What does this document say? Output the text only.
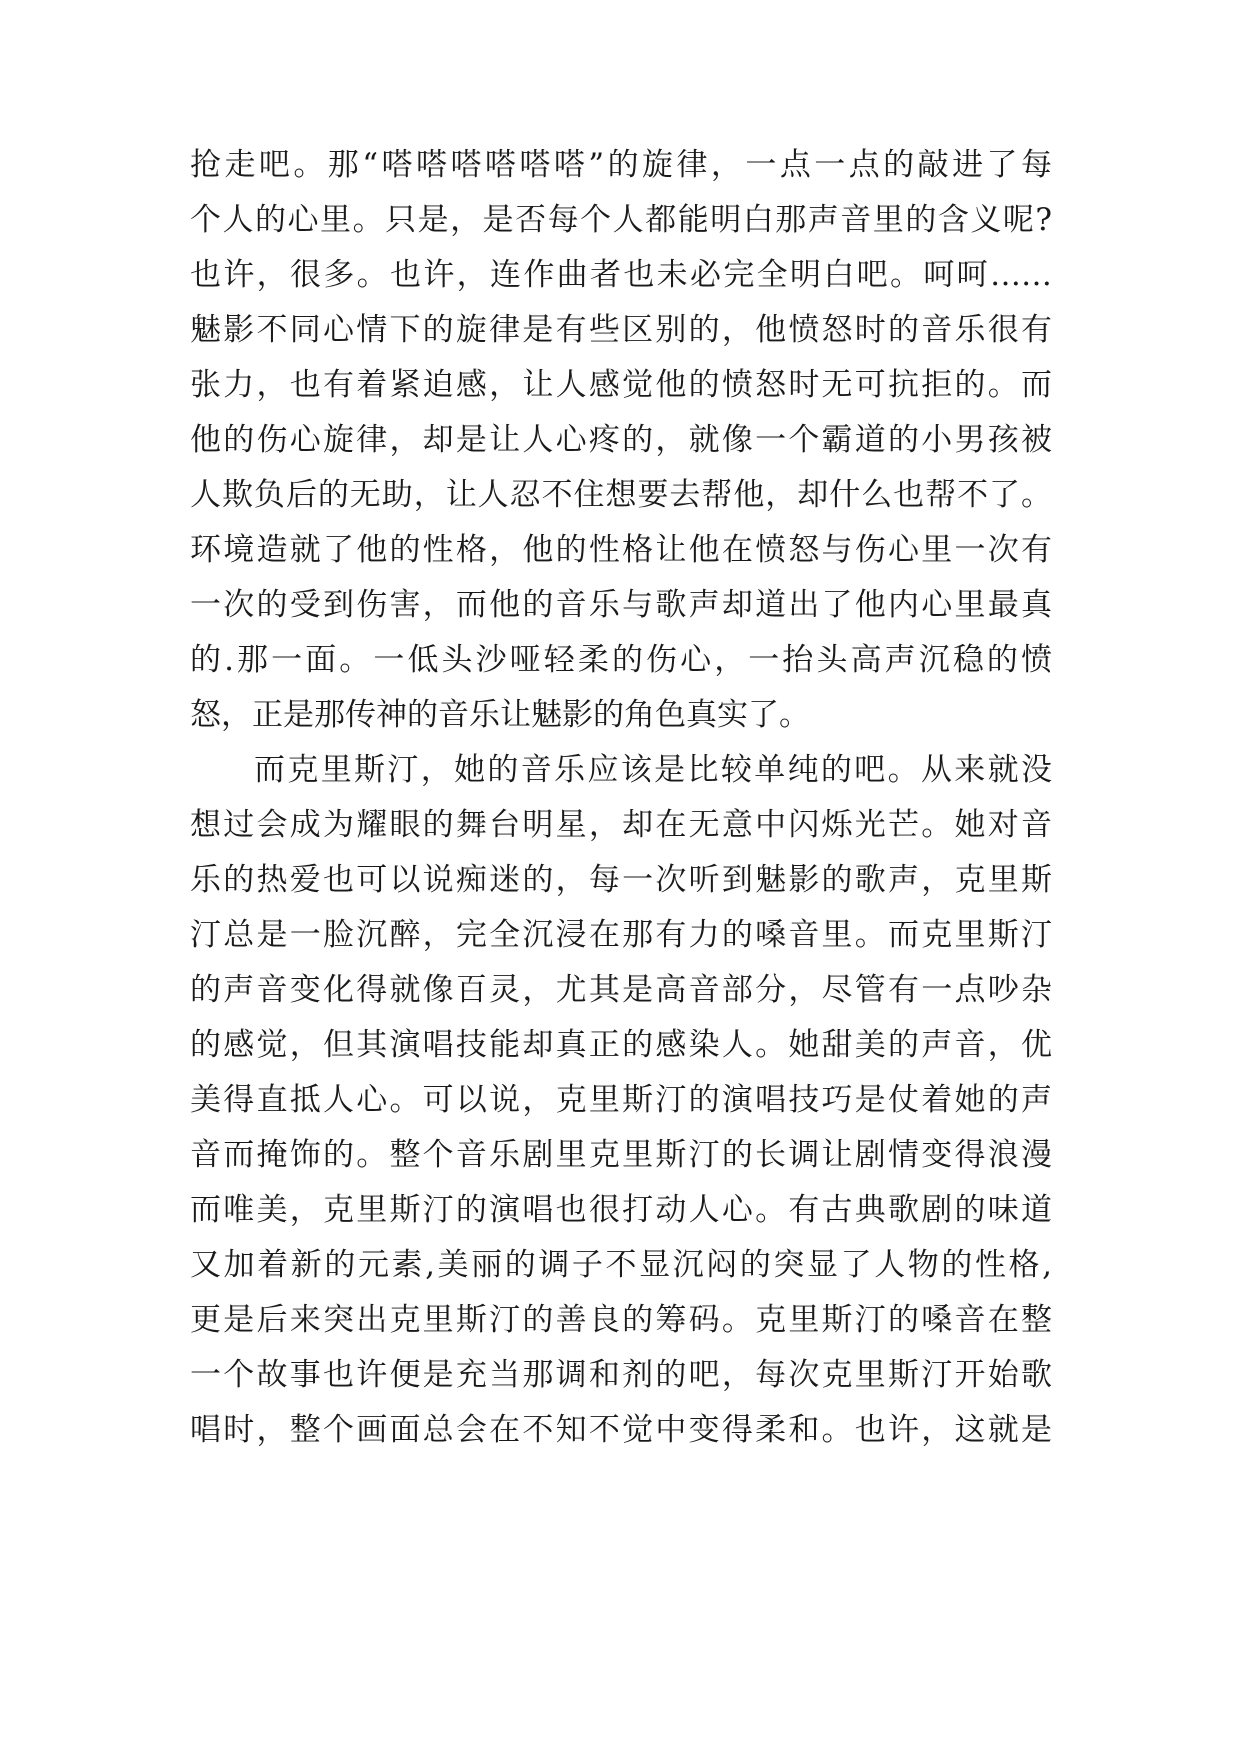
抢走吧。那“嗒嗒嗒嗒嗒嗒”的旋律，一点一点的敲进了每
个人的心里。只是，是否每个人都能明白那声音里的含义呢?
也许，很多。也许，连作曲者也未必完全明白吧。呵呵……
魅影不同心情下的旋律是有些区别的，他愤怒时的音乐很有
张力，也有着紧迫感，让人感觉他的愤怒时无可抗拒的。而
他的伤心旋律，却是让人心疼的，就像一个霸道的小男孩被
人欺负后的无助，让人忍不住想要去帮他，却什么也帮不了。
环境造就了他的性格，他的性格让他在愤怒与伤心里一次有
一次的受到伤害，而他的音乐与歌声却道出了他内心里最真
的.那一面。一低头沙哑轻柔的伤心，一抬头高声沉稳的愤
怒，正是那传神的音乐让魅影的角色真实了。
而克里斯汀，她的音乐应该是比较单纯的吧。从来就没
想过会成为耀眼的舞台明星，却在无意中闪烁光芒。她对音
乐的热爱也可以说痴迷的，每一次听到魅影的歌声，克里斯
汀总是一脸沉醉，完全沉浸在那有力的嗓音里。而克里斯汀
的声音变化得就像百灵，尤其是高音部分，尽管有一点吵杂
的感觉，但其演唱技能却真正的感染人。她甜美的声音，优
美得直抵人心。可以说，克里斯汀的演唱技巧是仗着她的声
音而掩饰的。整个音乐剧里克里斯汀的长调让剧情变得浪漫
而唯美，克里斯汀的演唱也很打动人心。有古典歌剧的味道
又加着新的元素,美丽的调子不显沉闷的突显了人物的性格,
更是后来突出克里斯汀的善良的筹码。克里斯汀的嗓音在整
一个故事也许便是充当那调和剂的吧，每次克里斯汀开始歌
唱时，整个画面总会在不知不觉中变得柔和。也许，这就是
